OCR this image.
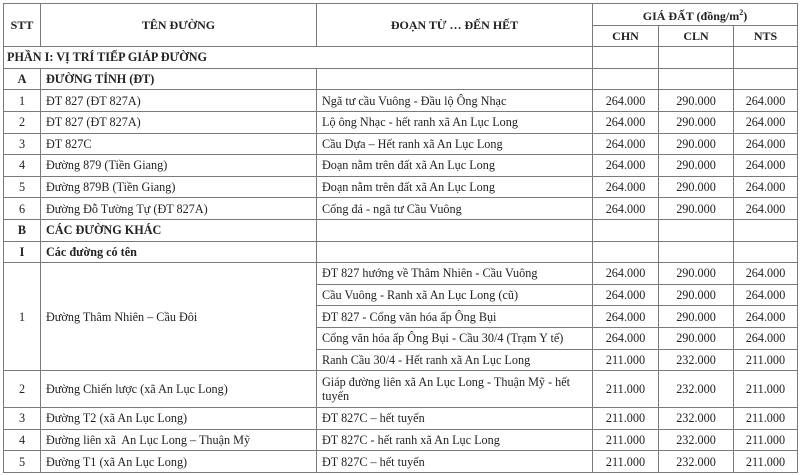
STT	TÊN ĐƯỜNG	ĐOẠN TỪ … ĐẾN HẾT	GIÁ ĐẤT $(đồng/m^2)$		
			CHN	CLN	NTS
PHẦN I: VỊ TRÍ TIẾP GIÁP ĐƯỜNG					
A	ĐƯỜNG TỈNH (ĐT)				
1	ĐT 827 (ĐT 827A)	Ngã tư cầu Vuông - Đầu lộ Ông Nhạc	264.000	290.000	264.000
2	ĐT 827 (ĐT 827A)	Lộ ông Nhạc - hết ranh xã An Lục Long	264.000	290.000	264.000
3	ĐT 827C	Cầu Dựa – Hết ranh xã An Lục Long	264.000	290.000	264.000
4	Đường 879 (Tiền Giang)	Đoạn nằm trên đất xã An Lục Long	264.000	290.000	264.000
5	Đường 879B (Tiền Giang)	Đoạn nằm trên đất xã An Lục Long	264.000	290.000	264.000
6	Đường Đỗ Tường Tự (ĐT 827A)	Cống đá - ngã tư Cầu Vuông	264.000	290.000	264.000
B	CÁC ĐƯỜNG KHÁC				
I	Các đường có tên				
1	Đường Thâm Nhiên – Cầu Đôi	ĐT 827 hướng về Thâm Nhiên - Cầu Vuông	264.000	290.000	264.000
		Cầu Vuông - Ranh xã An Lục Long (cũ)	264.000	290.000	264.000
		ĐT 827 - Cổng văn hóa ấp Ông Bụi	264.000	290.000	264.000
		Cổng văn hóa ấp Ông Bụi - Cầu 30/4 (Trạm Y tế)	264.000	290.000	264.000
		Ranh Cầu 30/4 - Hết ranh xã An Lục Long	211.000	232.000	211.000
2	Đường Chiến lược (xã An Lục Long)	Giáp đường liên xã An Lục Long - Thuận Mỹ - hết tuyến	211.000	232.000	211.000
3	Đường T2 (xã An Lục Long)	ĐT 827C – hết tuyến	211.000	232.000	211.000
4	Đường liên xã  An Lục Long – Thuận Mỹ	ĐT 827C - hết ranh xã An Lục Long	211.000	232.000	211.000
5	Đường T1 (xã An Lục Long)	ĐT 827C – hết tuyến	211.000	232.000	211.000
